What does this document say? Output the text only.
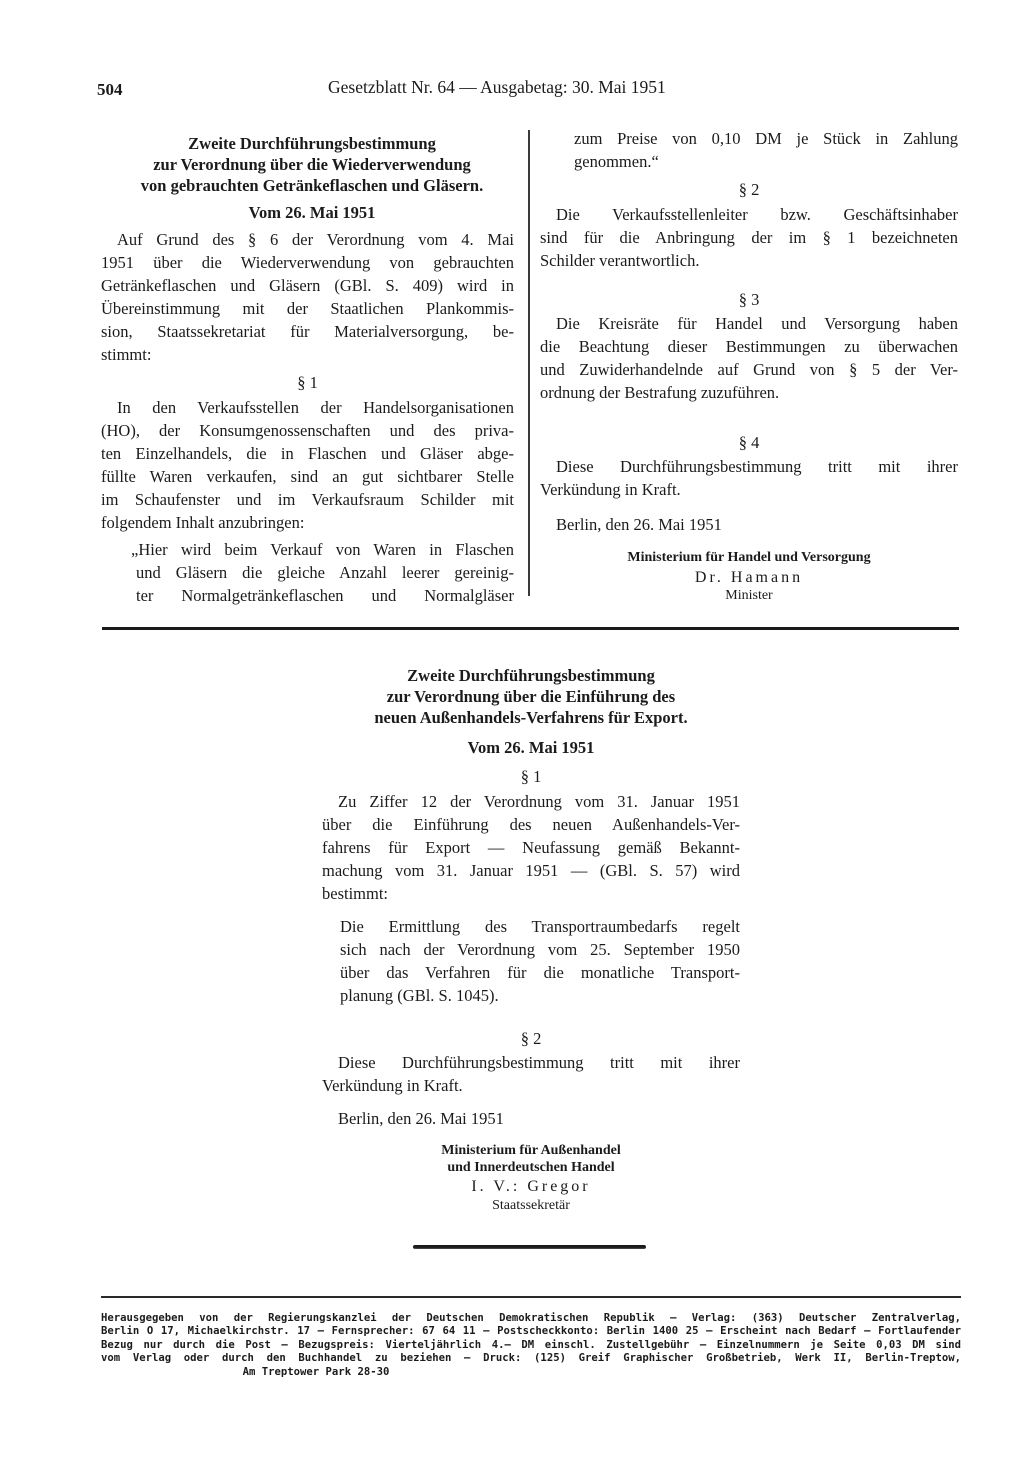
504	Gesetzblatt Nr. 64 — Ausgabetag: 30. Mai 1951
Zweite Durchführungsbestimmung
zur Verordnung über die Wiederverwendung
von gebrauchten Getränkeflaschen und Gläsern.
Vom 26. Mai 1951
Auf Grund des § 6 der Verordnung vom 4. Mai
1951 über die Wiederverwendung von gebrauchten
Getränkeflaschen und Gläsern (GBl. S. 409) wird in
Übereinstimmung mit der Staatlichen Plankommis-
sion, Staatssekretariat für Materialversorgung, be-
stimmt:
§ 1
In den Verkaufsstellen der Handelsorganisationen
(HO), der Konsumgenossenschaften und des priva-
ten Einzelhandels, die in Flaschen und Gläser abge-
füllte Waren verkaufen, sind an gut sichtbarer Stelle
im Schaufenster und im Verkaufsraum Schilder mit
folgendem Inhalt anzubringen:
„Hier wird beim Verkauf von Waren in Flaschen
und Gläsern die gleiche Anzahl leerer gereinig-
ter Normalgetränkeflaschen und Normalgläser
zum Preise von 0,10 DM je Stück in Zahlung
genommen.“
§ 2
Die Verkaufsstellenleiter bzw. Geschäftsinhaber
sind für die Anbringung der im § 1 bezeichneten
Schilder verantwortlich.
§ 3
Die Kreisräte für Handel und Versorgung haben
die Beachtung dieser Bestimmungen zu überwachen
und Zuwiderhandelnde auf Grund von § 5 der Ver-
ordnung der Bestrafung zuzuführen.
§ 4
Diese Durchführungsbestimmung tritt mit ihrer
Verkündung in Kraft.
Berlin, den 26. Mai 1951
Ministerium für Handel und Versorgung
Dr. Hamann
Minister
Zweite Durchführungsbestimmung
zur Verordnung über die Einführung des
neuen Außenhandels-Verfahrens für Export.
Vom 26. Mai 1951
§ 1
Zu Ziffer 12 der Verordnung vom 31. Januar 1951
über die Einführung des neuen Außenhandels-Ver-
fahrens für Export — Neufassung gemäß Bekannt-
machung vom 31. Januar 1951 — (GBl. S. 57) wird
bestimmt:
Die Ermittlung des Transportraumbedarfs regelt
sich nach der Verordnung vom 25. September 1950
über das Verfahren für die monatliche Transport-
planung (GBl. S. 1045).
§ 2
Diese Durchführungsbestimmung tritt mit ihrer
Verkündung in Kraft.
Berlin, den 26. Mai 1951
Ministerium für Außenhandel
und Innerdeutschen Handel
I. V.: Gregor
Staatssekretär
Herausgegeben von der Regierungskanzlei der Deutschen Demokratischen Republik — Verlag: (363) Deutscher Zentralverlag,
Berlin O 17, Michaelkirchstr. 17 — Fernsprecher: 67 64 11 — Postscheckkonto: Berlin 1400 25 — Erscheint nach Bedarf — Fortlaufender
Bezug nur durch die Post — Bezugspreis: Vierteljährlich 4.— DM einschl. Zustellgebühr — Einzelnummern je Seite 0,03 DM sind
vom Verlag oder durch den Buchhandel zu beziehen — Druck: (125) Greif Graphischer Großbetrieb, Werk II, Berlin-Treptow,
Am Treptower Park 28-30
